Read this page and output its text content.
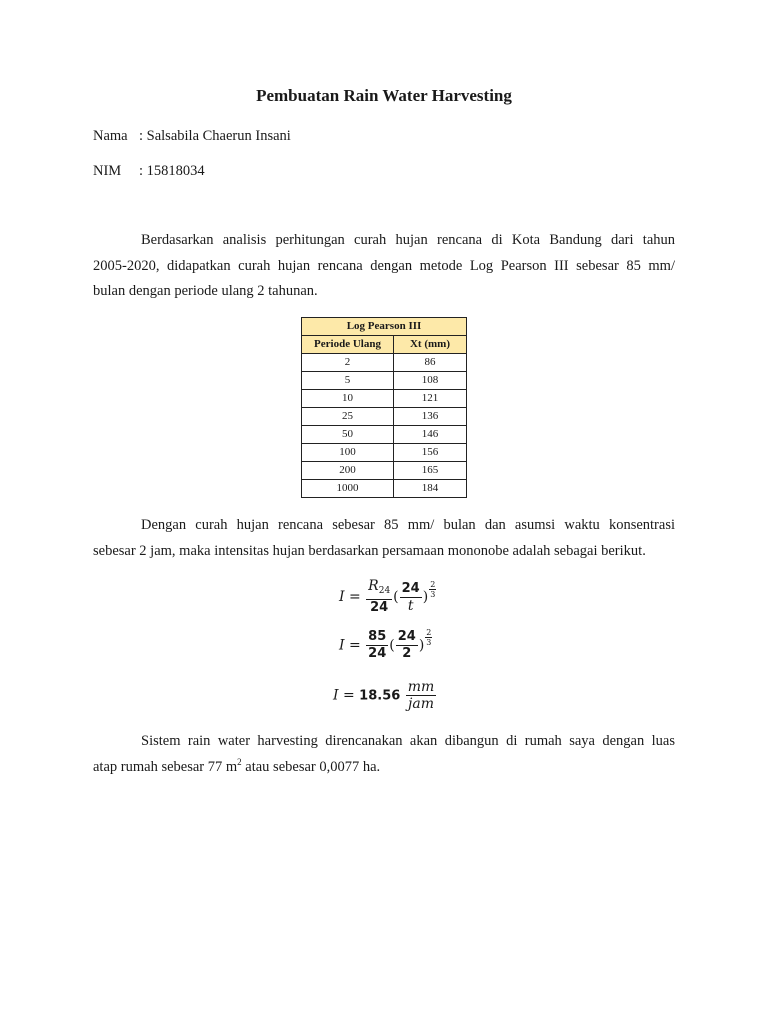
Pembuatan Rain Water Harvesting
Nama : Salsabila Chaerun Insani
NIM : 15818034
Berdasarkan analisis perhitungan curah hujan rencana di Kota Bandung dari tahun
2005-2020, didapatkan curah hujan rencana dengan metode Log Pearson III sebesar 85 mm/
bulan dengan periode ulang 2 tahunan.
Log Pearson III	
Periode Ulang	Xt (mm)
2	86
5	108
10	121
25	136
50	146
100	156
200	165
1000	184
Dengan curah hujan rencana sebesar 85 mm/ bulan dan asumsi waktu konsentrasi
sebesar 2 jam, maka intensitas hujan berdasarkan persamaan mononobe adalah sebagai berikut.
$I = \frac{R_{24}}{24}$ ( $\frac{24}{t}$ ) $\frac{2}{3}$
$I = \frac{85}{24}$ ( $\frac{24}{2}$ ) $\frac{2}{3}$
$I = 18.56 \frac{mm}{\text{jam}}$
Sistem rain water harvesting direncanakan akan dibangun di rumah saya dengan luas
atap rumah sebesar 77 $m^2$ atau sebesar 0,0077 ha.
